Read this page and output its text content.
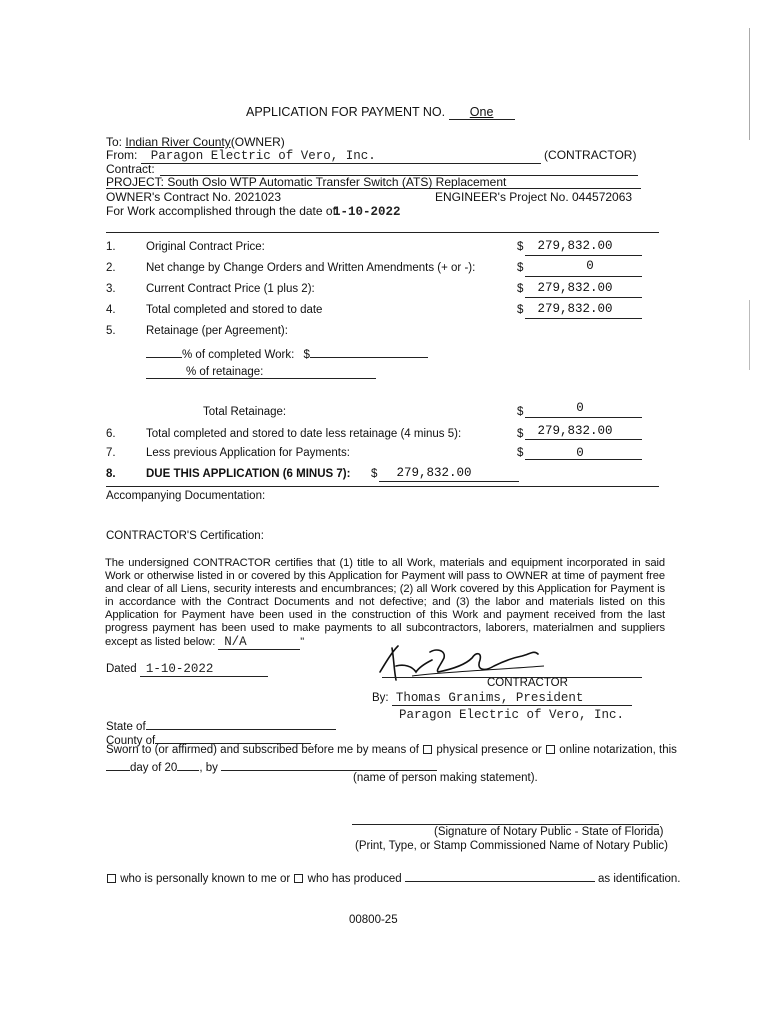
APPLICATION FOR PAYMENT NO. One
To: Indian River County(OWNER)
From: Paragon Electric of Vero, Inc.	(CONTRACTOR)
Contract:
PROJECT: South Oslo WTP Automatic Transfer Switch (ATS) Replacement
OWNER's Contract No. 2021023	ENGINEER's Project No. 044572063
For Work accomplished through the date of:
1-10-2022
1.	Original Contract Price:	$	279,832.00
2.	Net change by Change Orders and Written Amendments (+ or -):	$	0
3.	Current Contract Price (1 plus 2):	$	279,832.00
4.	Total completed and stored to date	$	279,832.00
5.	Retainage (per Agreement):
% of completed Work: $
% of retainage:
Total Retainage:	$	0
6.	Total completed and stored to date less retainage (4 minus 5):	$	279,832.00
7.	Less previous Application for Payments:	$	0
8.	DUE THIS APPLICATION (6 MINUS 7): $	279,832.00
Accompanying Documentation:
CONTRACTOR'S Certification:
The undersigned CONTRACTOR certifies that (1) title to all Work, materials and equipment incorporated in said Work or otherwise listed in or covered by this Application for Payment will pass to OWNER at time of payment free and clear of all Liens, security interests and encumbrances; (2) all Work covered by this Application for Payment is in accordance with the Contract Documents and not defective; and (3) the labor and materials listed on this Application for Payment have been used in the construction of this Work and payment received from the last progress payment has been used to make payments to all subcontractors, laborers, materialmen and suppliers except as listed below: N/A	"
Dated 1-10-2022
CONTRACTOR
By: Thomas Granims, President
Paragon Electric of Vero, Inc.
State of
County of
Sworn to (or affirmed) and subscribed before me by means of physical presence or online notarization, this
day of 20 , by
(name of person making statement).
(Signature of Notary Public - State of Florida)
(Print, Type, or Stamp Commissioned Name of Notary Public)
who is personally known to me or who has produced	as identification.
00800-25
